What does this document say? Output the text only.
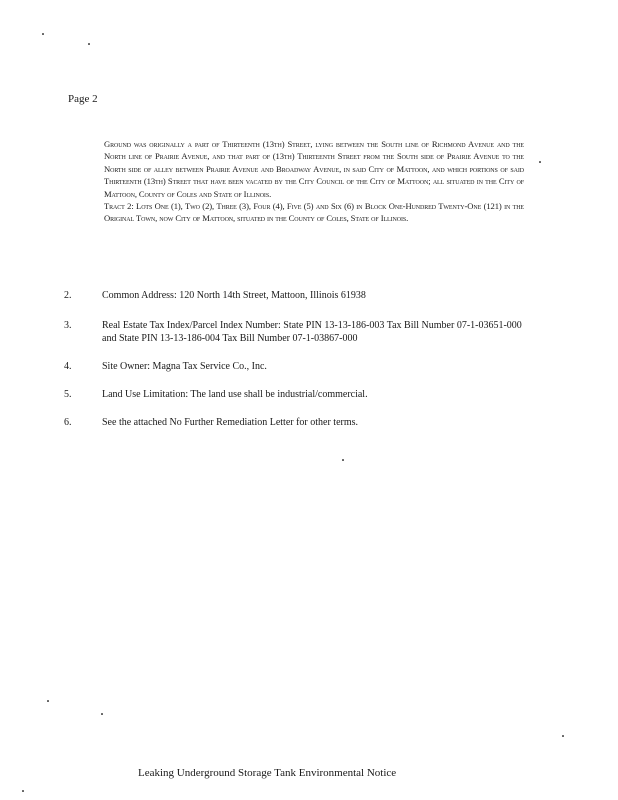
Page 2

Ground was originally a part of Thirteenth (13th) Street, lying between the South line of Richmond Avenue and the North line of Prairie Avenue, and that part of (13th) Thirteenth Street from the South side of Prairie Avenue to the North side of alley between Prairie Avenue and Broadway Avenue, in said City of Mattoon, and which portions of said Thirteenth (13th) Street that have been vacated by the City Council of the City of Mattoon; all situated in the City of Mattoon, County of Coles and State of Illinois.

Tract 2: Lots One (1), Two (2), Three (3), Four (4), Five (5) and Six (6) in Block One-Hundred Twenty-One (121) in the Original Town, now City of Mattoon, situated in the County of Coles, State of Illinois.

2.	Common Address: 120 North 14th Street, Mattoon, Illinois 61938
3.	Real Estate Tax Index/Parcel Index Number: State PIN 13-13-186-003 Tax Bill Number 07-1-03651-000 and State PIN 13-13-186-004 Tax Bill Number 07-1-03867-000
4.	Site Owner: Magna Tax Service Co., Inc.
5.	Land Use Limitation: The land use shall be industrial/commercial.
6.	See the attached No Further Remediation Letter for other terms.
Leaking Underground Storage Tank Environmental Notice
